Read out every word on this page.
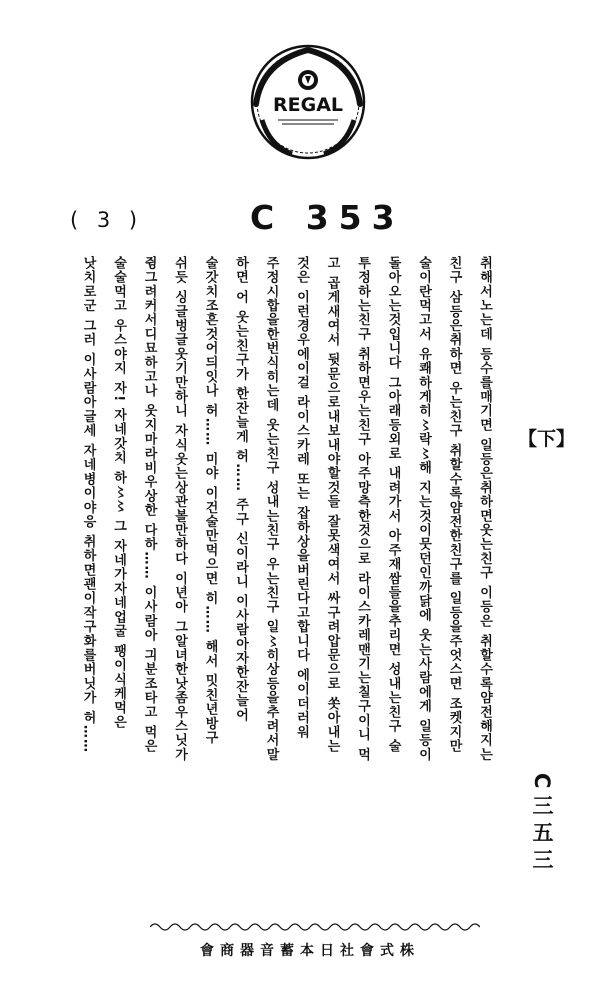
REGAL
( 3 )	C 353
【下】
C三五三

취해서노는데 등수를매기면 일등은취하면웃는친구 이등은 취할수록얌전해지는

친구 삼등은취하면 우는친구 취할수록얌전한친구를 일등을주엇스면 조켓지만

술이란먹고서 유쾌하게히〻락〻해 지는것이뭇던인까닭에 웃는사람에게 일등이

돌아오는것입니다 그아래등외로 내려가서 아주재쌈들을추리면 성내는친구 술

투정하는친구 취하면우는친구 아주망측한것으로 라이스카레맨기는칠구이니 먹

고 곱게새여서 뒷문으로내보내야할것들 잘못색여서 싸구려압문으로 쏫아내는

것은 이런경우에이걸 라이스카레 또는 잡하상을버린다고합니다 에이더러워

주정시합을한번식히는데 웃는친구 성내는친구 우는친구 일〻히상등을추려서말

하면 어 웃는친구가 한잔늘게 허…… 주구 신이라니 이사람아자한잔늘어

술갓치조흔것어듸잇나 허…… 미야 이건술만먹으면 히…… 해서 밋친년방구

쉬듯 싱글벙글웃기만하니 자식웃는상관볼만하다 이년아 그알녀한낫좀우스닛가

쥥그려커서디묘하고나 웃지마라비우상한 다하…… 이사람아 긔분조타고 먹은

술술먹고 우스야지 자! 자네갓치 하〻〻 그 자네가자네업굴 팽이식케먹은

낫치로군 그러 이사람아글세 자네병이야응 취하면괜이작구화를버닛가 허……

株式會社日本蓄音器商會
